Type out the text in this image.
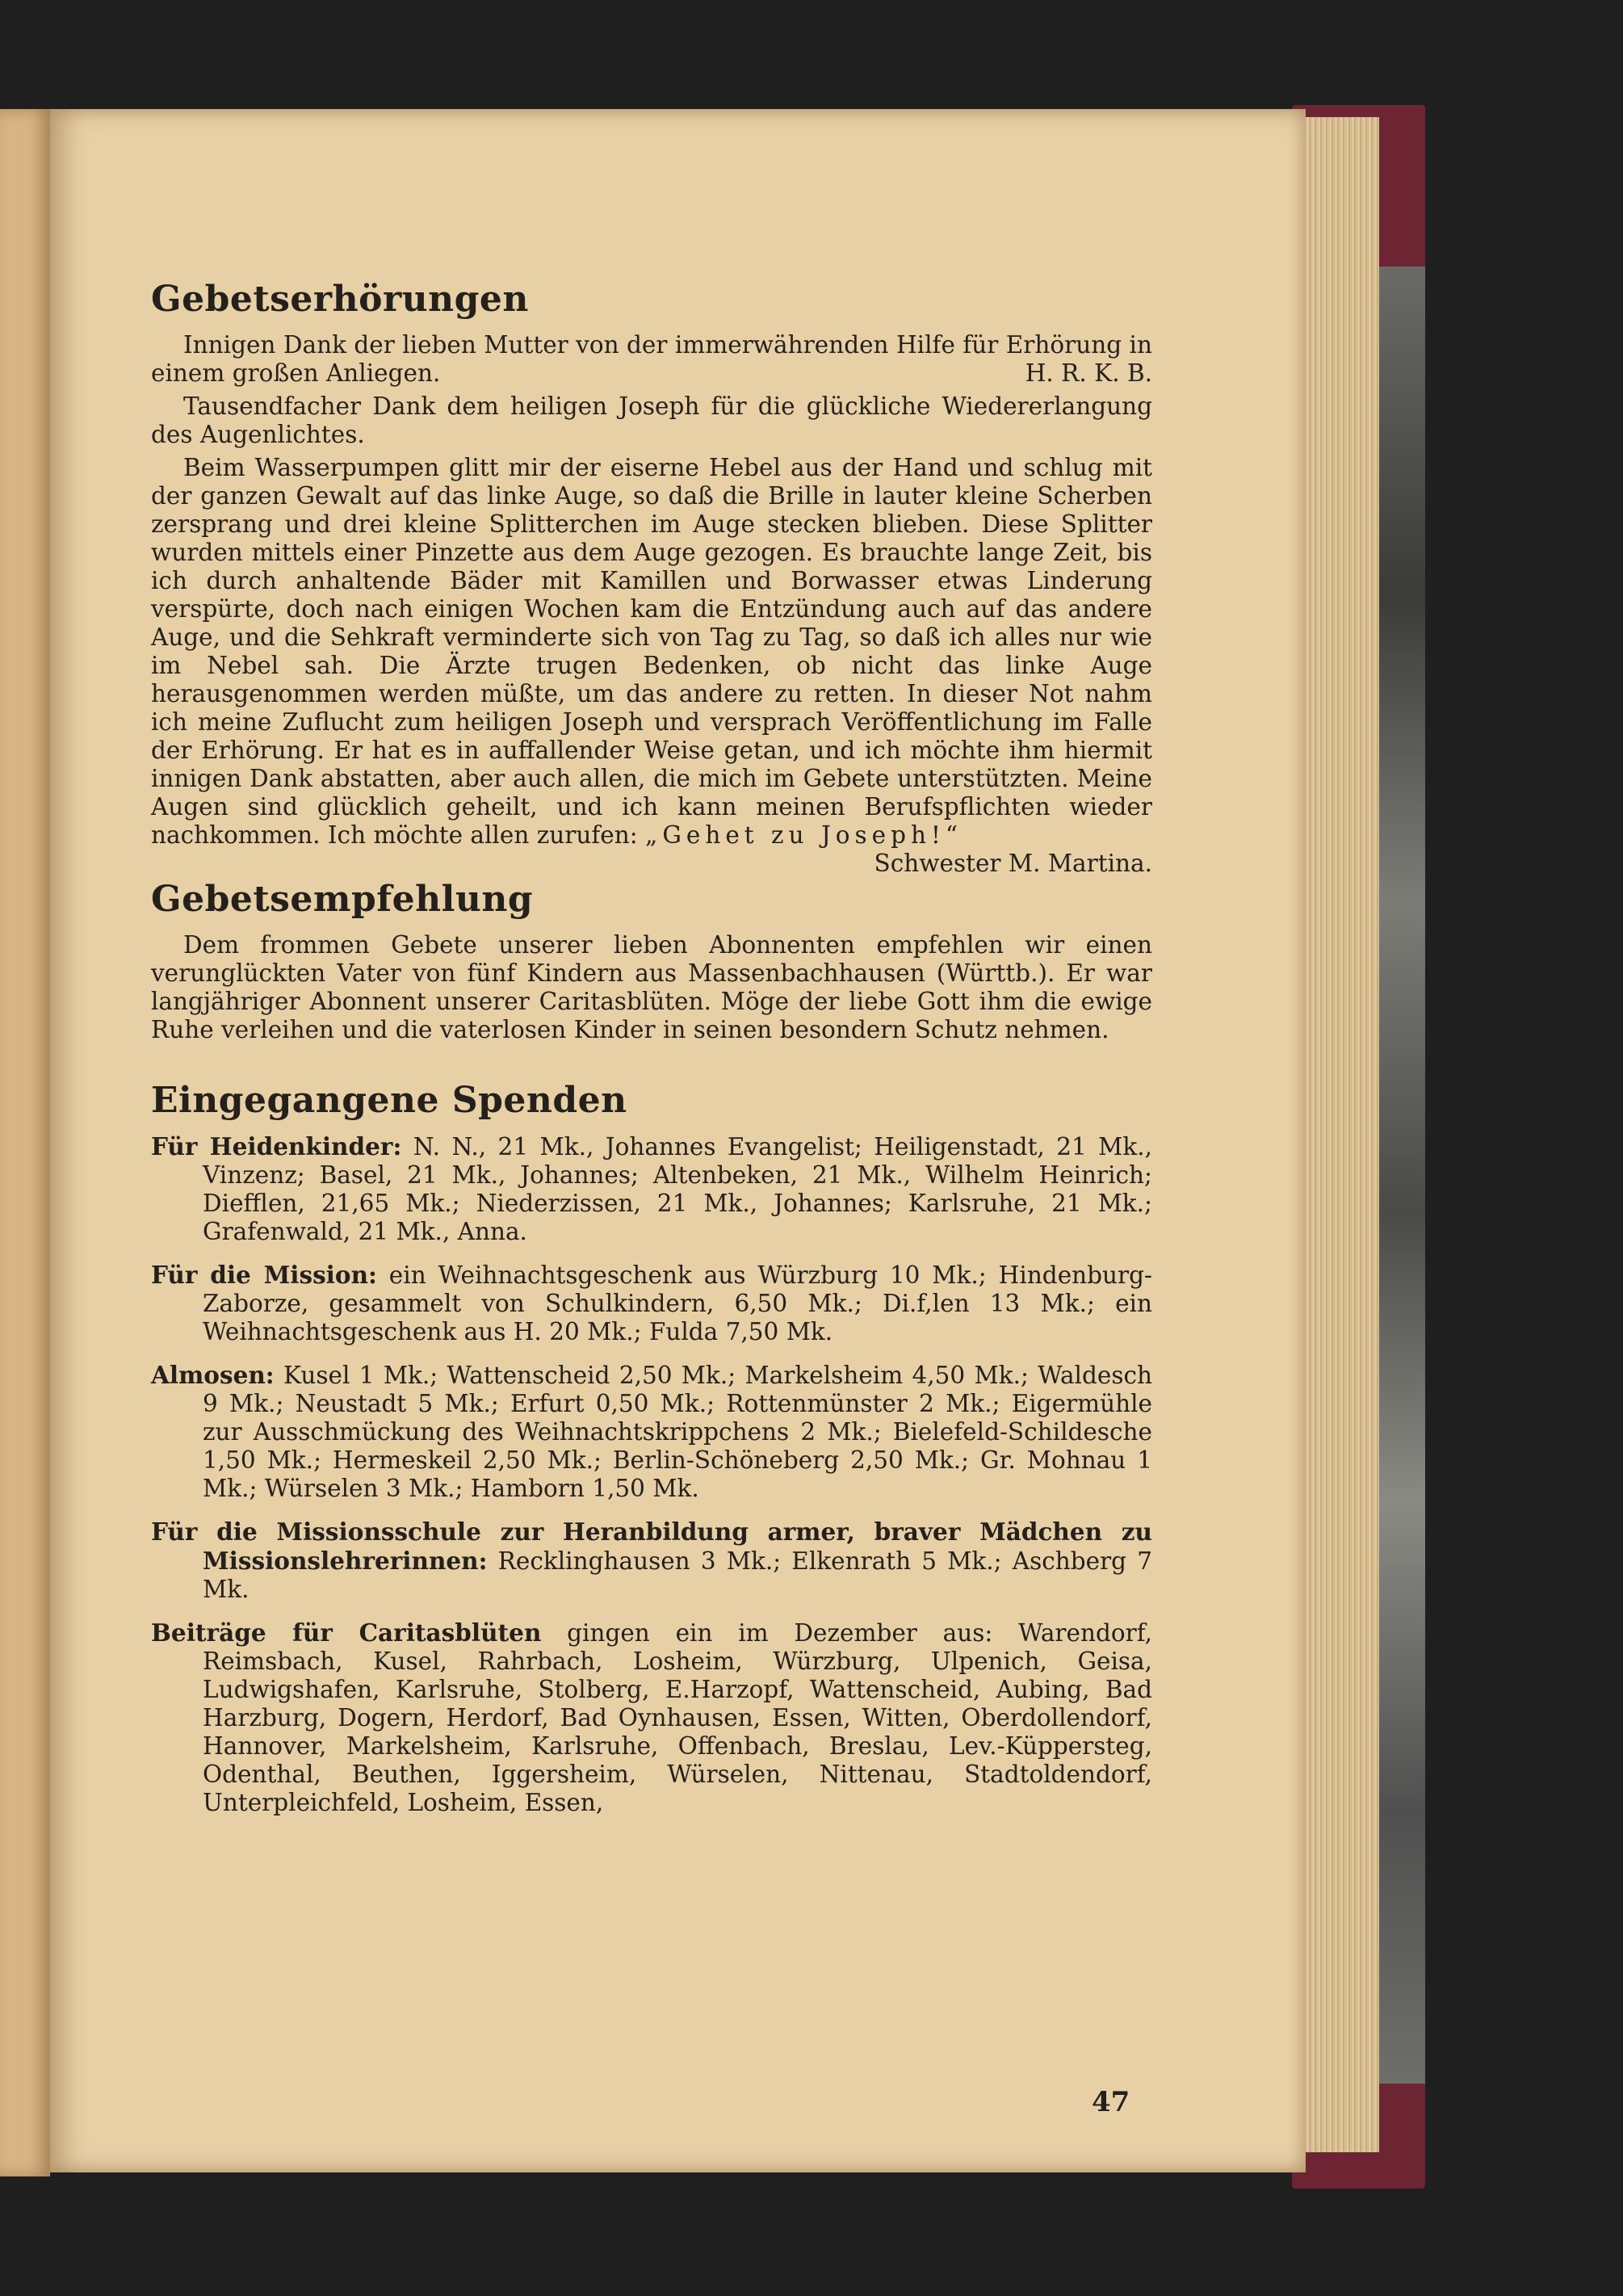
Gebetserhörungen

Innigen Dank der lieben Mutter von der immerwährenden Hilfe für Erhörung in einem großen Anliegen.	H. R. K. B.

Tausendfacher Dank dem heiligen Joseph für die glückliche Wiedererlangung des Augenlichtes.

Beim Wasserpumpen glitt mir der eiserne Hebel aus der Hand und schlug mit der ganzen Gewalt auf das linke Auge, so daß die Brille in lauter kleine Scherben zersprang und drei kleine Splitterchen im Auge stecken blieben. Diese Splitter wurden mittels einer Pinzette aus dem Auge gezogen. Es brauchte lange Zeit, bis ich durch anhaltende Bäder mit Kamillen und Borwasser etwas Linderung verspürte, doch nach einigen Wochen kam die Entzündung auch auf das andere Auge, und die Sehkraft verminderte sich von Tag zu Tag, so daß ich alles nur wie im Nebel sah. Die Ärzte trugen Bedenken, ob nicht das linke Auge herausgenommen werden müßte, um das andere zu retten. In dieser Not nahm ich meine Zuflucht zum heiligen Joseph und versprach Veröffentlichung im Falle der Erhörung. Er hat es in auffallender Weise getan, und ich möchte ihm hiermit innigen Dank abstatten, aber auch allen, die mich im Gebete unterstützten. Meine Augen sind glücklich geheilt, und ich kann meinen Berufspflichten wieder nachkommen. Ich möchte allen zurufen: „Gehet zu Joseph!“
Schwester M. Martina.

Gebetsempfehlung

Dem frommen Gebete unserer lieben Abonnenten empfehlen wir einen verunglückten Vater von fünf Kindern aus Massenbachhausen (Württb.). Er war langjähriger Abonnent unserer Caritasblüten. Möge der liebe Gott ihm die ewige Ruhe verleihen und die vaterlosen Kinder in seinen besondern Schutz nehmen.

Eingegangene Spenden
Für Heidenkinder: N. N., 21 Mk., Johannes Evangelist; Heiligenstadt, 21 Mk., Vinzenz; Basel, 21 Mk., Johannes; Altenbeken, 21 Mk., Wilhelm Heinrich; Diefflen, 21,65 Mk.; Niederzissen, 21 Mk., Johannes; Karlsruhe, 21 Mk.; Grafenwald, 21 Mk., Anna.
Für die Mission: ein Weihnachtsgeschenk aus Würzburg 10 Mk.; Hindenburg-Zaborze, gesammelt von Schulkindern, 6,50 Mk.; Di.f,len 13 Mk.; ein Weihnachtsgeschenk aus H. 20 Mk.; Fulda 7,50 Mk.
Almosen: Kusel 1 Mk.; Wattenscheid 2,50 Mk.; Markelsheim 4,50 Mk.; Waldesch 9 Mk.; Neustadt 5 Mk.; Erfurt 0,50 Mk.; Rottenmünster 2 Mk.; Eigermühle zur Ausschmückung des Weihnachtskrippchens 2 Mk.; Bielefeld-Schildesche 1,50 Mk.; Hermeskeil 2,50 Mk.; Berlin-Schöneberg 2,50 Mk.; Gr. Mohnau 1 Mk.; Würselen 3 Mk.; Hamborn 1,50 Mk.
Für die Missionsschule zur Heranbildung armer, braver Mädchen zu Missionslehrerinnen: Recklinghausen 3 Mk.; Elkenrath 5 Mk.; Aschberg 7 Mk.
Beiträge für Caritasblüten gingen ein im Dezember aus: Warendorf, Reimsbach, Kusel, Rahrbach, Losheim, Würzburg, Ulpenich, Geisa, Ludwigshafen, Karlsruhe, Stolberg, E.Harzopf, Wattenscheid, Aubing, Bad Harzburg, Dogern, Herdorf, Bad Oynhausen, Essen, Witten, Oberdollendorf, Hannover, Markelsheim, Karlsruhe, Offenbach, Breslau, Lev.-Küppersteg, Odenthal, Beuthen, Iggersheim, Würselen, Nittenau, Stadtoldendorf, Unterpleichfeld, Losheim, Essen,
47
